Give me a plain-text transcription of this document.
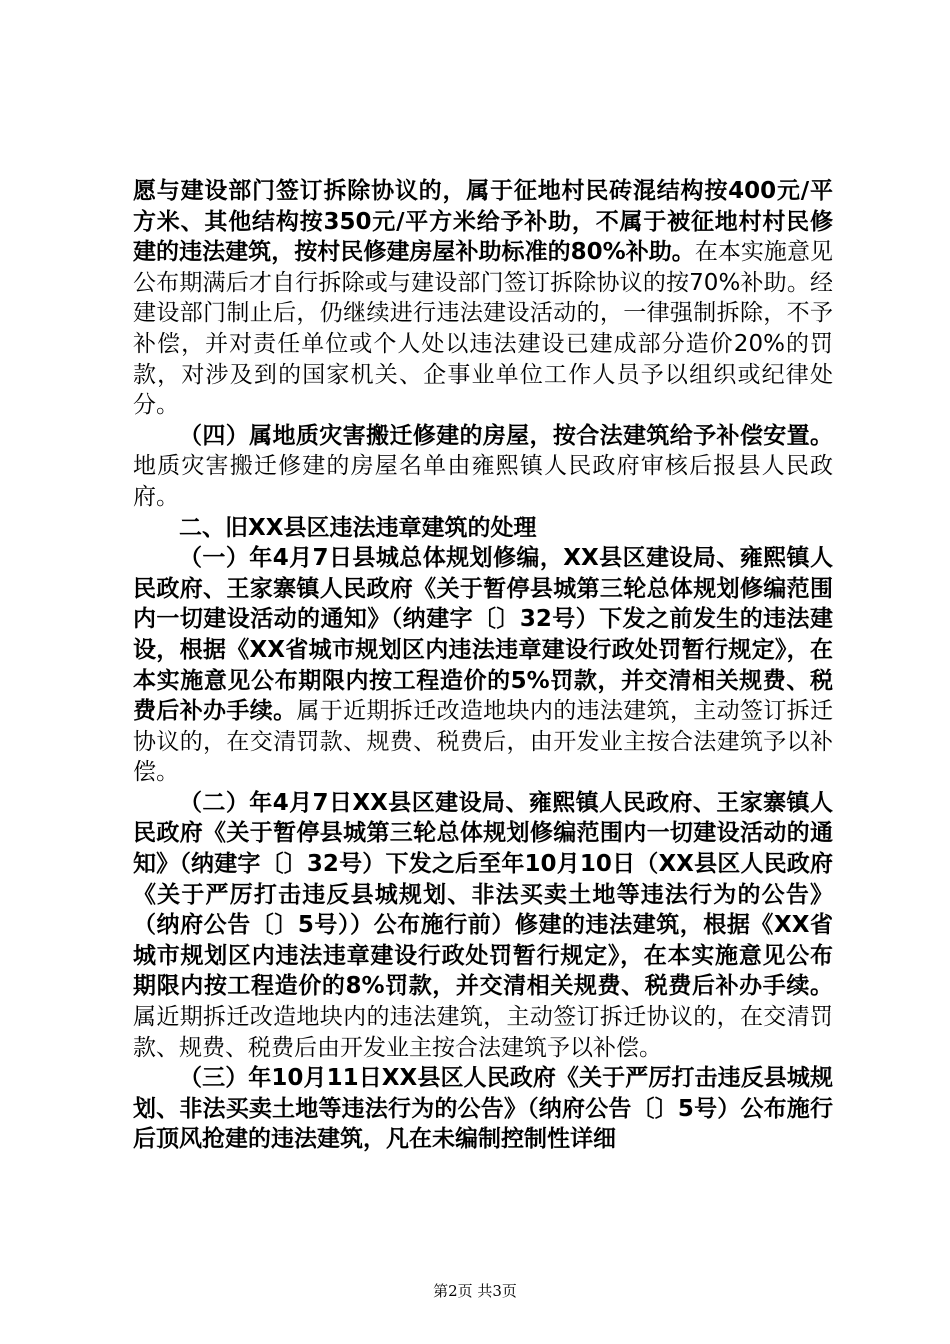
愿与建设部门签订拆除协议的，属于征地村民砖混结构按400元/平方米、其他结构按350元/平方米给予补助，不属于被征地村村民修建的违法建筑，按村民修建房屋补助标准的80%补助。在本实施意见公布期满后才自行拆除或与建设部门签订拆除协议的按70%补助。经建设部门制止后，仍继续进行违法建设活动的，一律强制拆除，不予补偿，并对责任单位或个人处以违法建设已建成部分造价20%的罚款，对涉及到的国家机关、企事业单位工作人员予以组织或纪律处分。

（四）属地质灾害搬迁修建的房屋，按合法建筑给予补偿安置。地质灾害搬迁修建的房屋名单由雍熙镇人民政府审核后报县人民政府。

二、旧XX县区违法违章建筑的处理

（一）年4月7日县城总体规划修编，XX县区建设局、雍熙镇人民政府、王家寨镇人民政府《关于暂停县城第三轮总体规划修编范围内一切建设活动的通知》（纳建字〔〕32号）下发之前发生的违法建设，根据《XX省城市规划区内违法违章建设行政处罚暂行规定》，在本实施意见公布期限内按工程造价的5%罚款，并交清相关规费、税费后补办手续。属于近期拆迁改造地块内的违法建筑，主动签订拆迁协议的，在交清罚款、规费、税费后，由开发业主按合法建筑予以补偿。

（二）年4月7日XX县区建设局、雍熙镇人民政府、王家寨镇人民政府《关于暂停县城第三轮总体规划修编范围内一切建设活动的通知》（纳建字〔〕32号）下发之后至年10月10日（XX县区人民政府《关于严厉打击违反县城规划、非法买卖土地等违法行为的公告》（纳府公告〔〕5号））公布施行前）修建的违法建筑，根据《XX省城市规划区内违法违章建设行政处罚暂行规定》，在本实施意见公布期限内按工程造价的8%罚款，并交清相关规费、税费后补办手续。属近期拆迁改造地块内的违法建筑，主动签订拆迁协议的，在交清罚款、规费、税费后由开发业主按合法建筑予以补偿。

（三）年10月11日XX县区人民政府《关于严厉打击违反县城规划、非法买卖土地等违法行为的公告》（纳府公告〔〕5号）公布施行后顶风抢建的违法建筑，凡在未编制控制性详细

第2页 共3页
